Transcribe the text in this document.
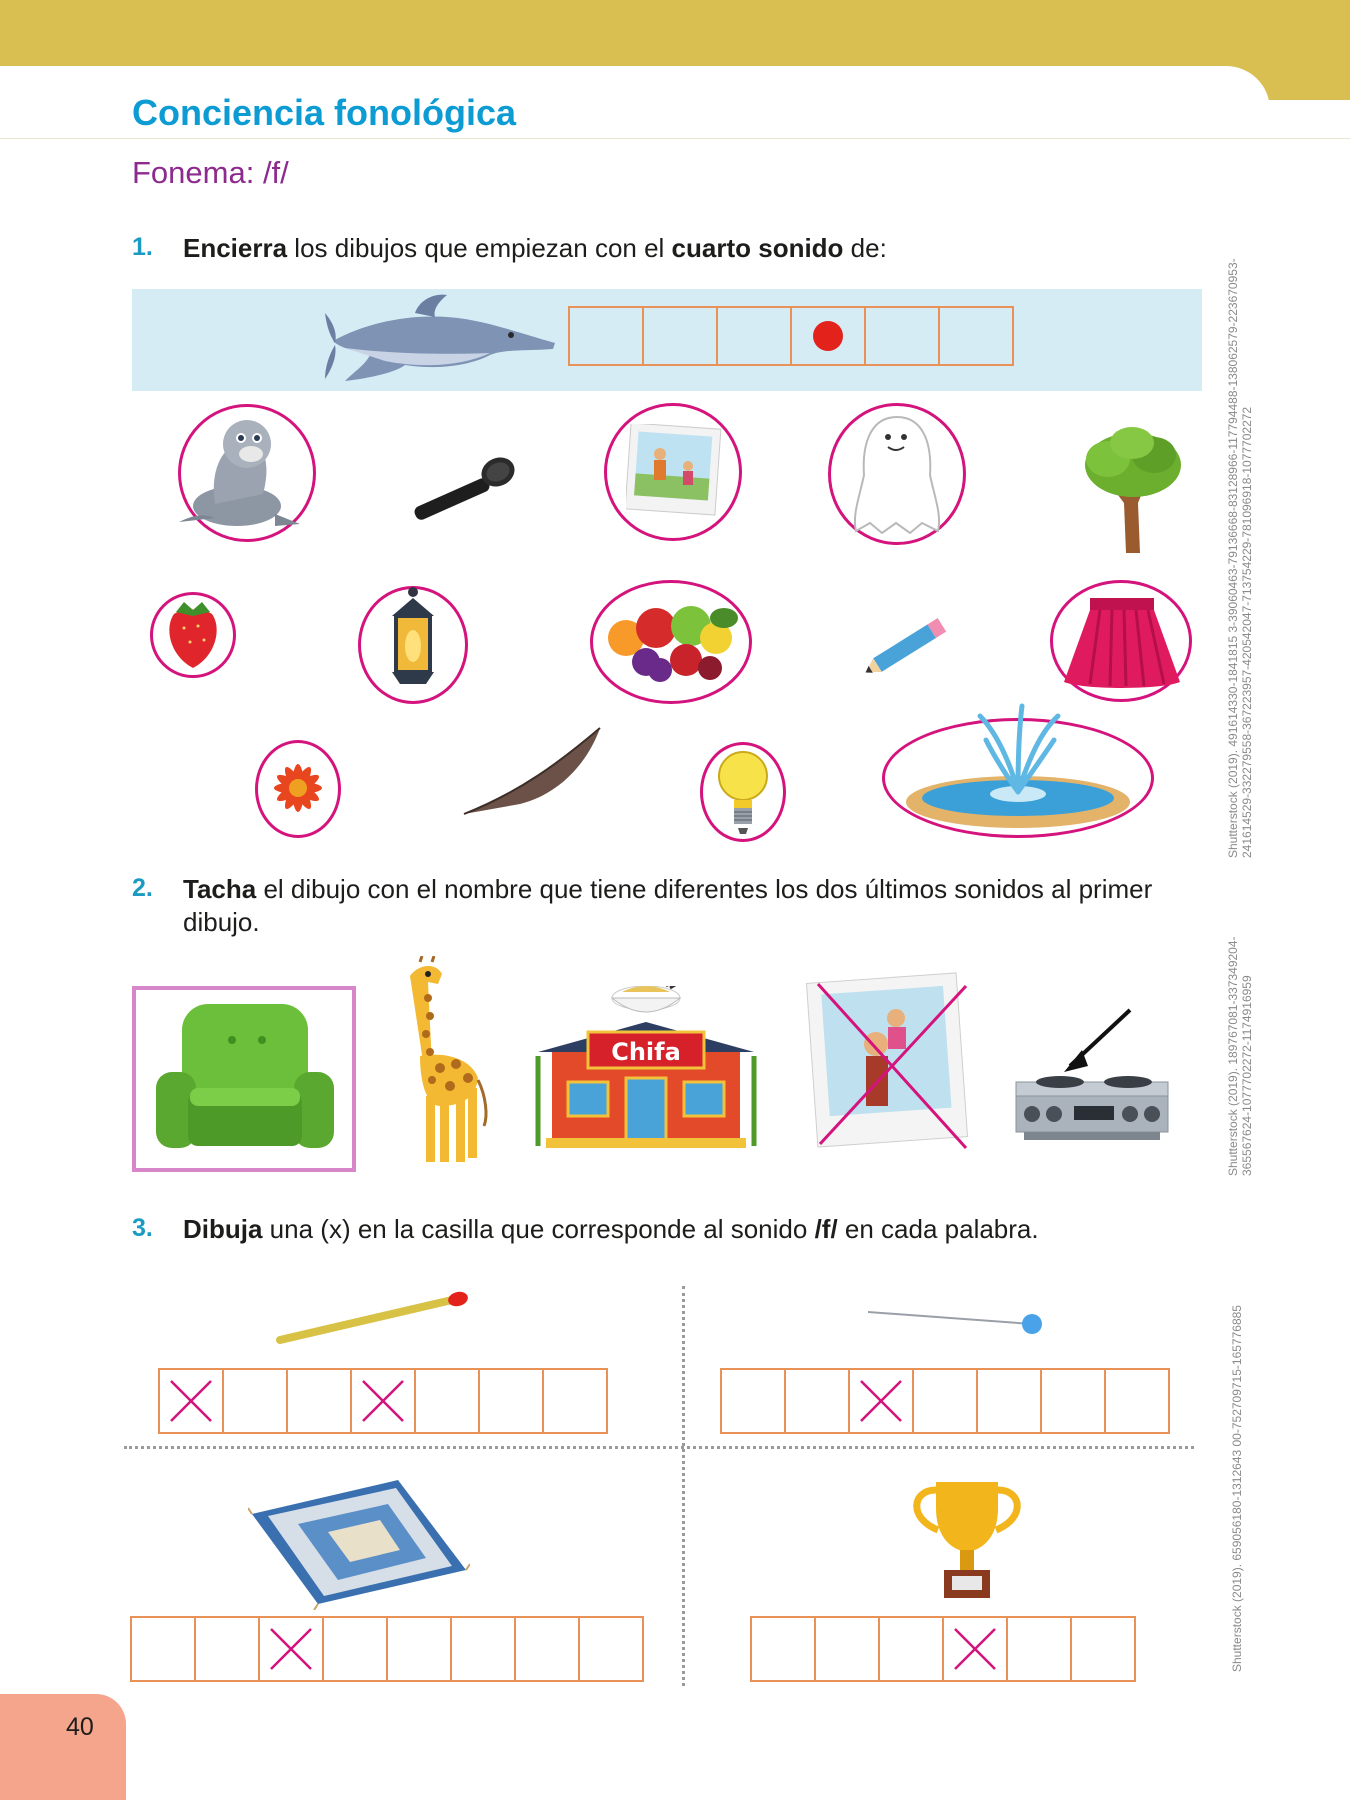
Conciencia fonológica
Fonema: /f/
1. Encierra los dibujos que empiezan con el cuarto sonido de:
2. Tacha el dibujo con el nombre que tiene diferentes los dos últimos sonidos al primer dibujo.
Chifa
3. Dibuja una (x) en la casilla que corresponde al sonido /f/ en cada palabra.
Shutterstock (2019). 491614330-1841815 3-39060463-79136668-83128966-117794488-138062579-223670953- 241614529-332279558-367223957-420542047-713754229-781096918-1077702272
Shutterstock (2019). 189767081-337349204- 365567624-1077702272-1174916959
Shutterstock (2019). 659056180-1312643 00-752709715-165776885
40
